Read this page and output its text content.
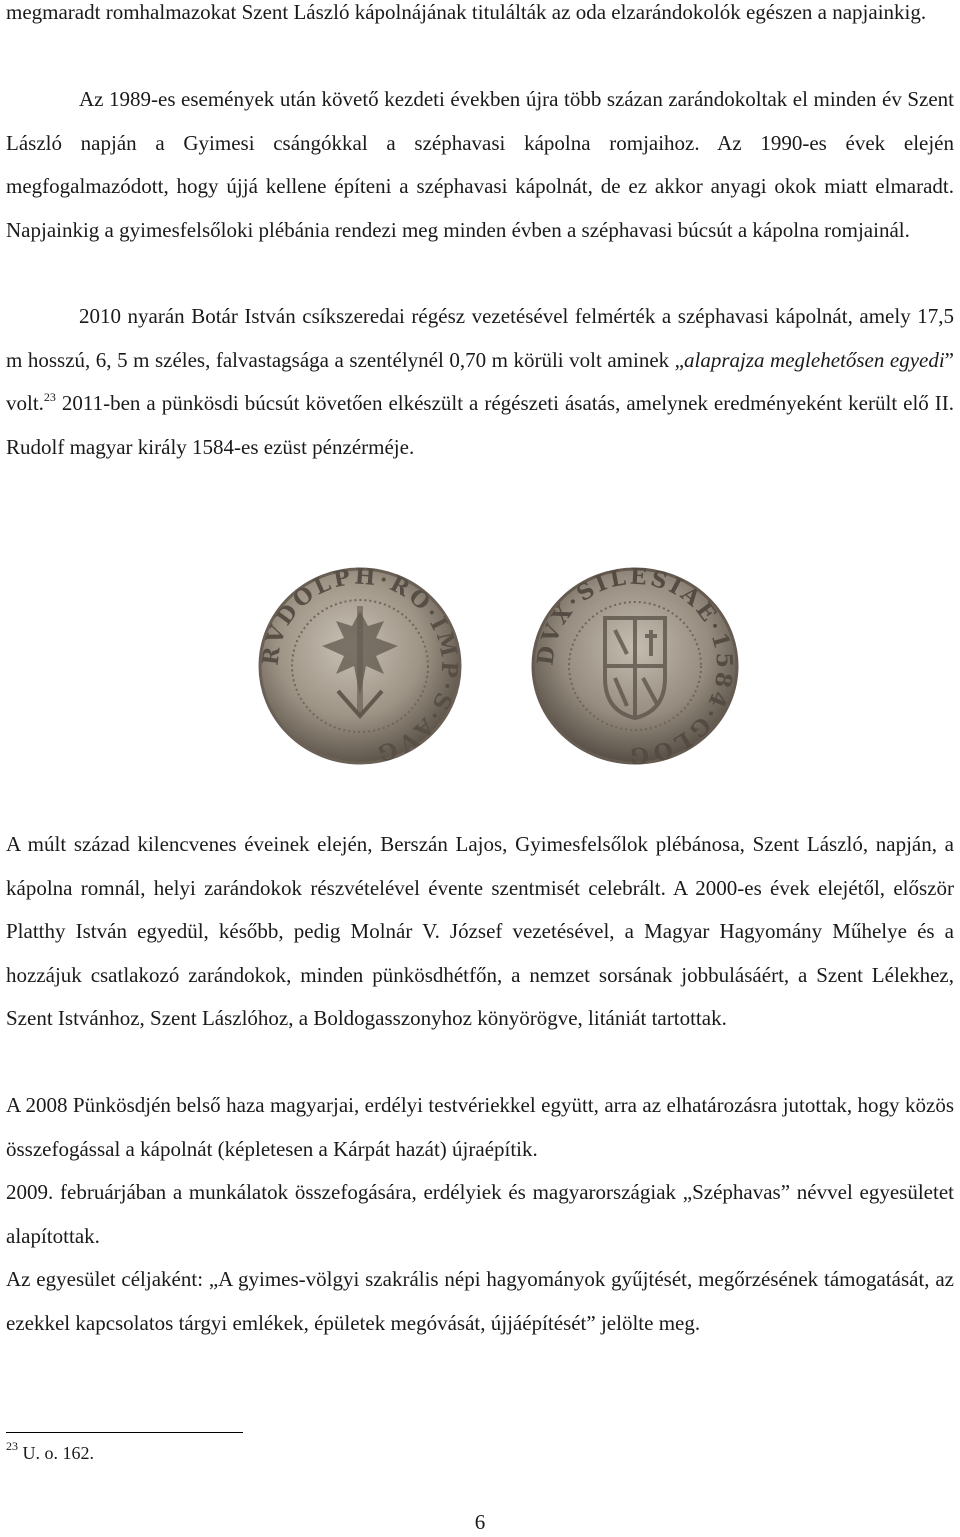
megmaradt romhalmazokat Szent László kápolnájának titulálták az oda elzarándokolók egészen a napjainkig.

Az 1989-es események után követő kezdeti években újra több százan zarándokoltak el minden év Szent László napján a Gyimesi csángókkal a széphavasi kápolna romjaihoz. Az 1990-es évek elején megfogalmazódott, hogy újjá kellene építeni a széphavasi kápolnát, de ez akkor anyagi okok miatt elmaradt. Napjainkig a gyimesfelsőloki plébánia rendezi meg minden évben a széphavasi búcsút a kápolna romjainál.

2010 nyarán Botár István csíkszeredai régész vezetésével felmérték a széphavasi kápolnát, amely 17,5 m hosszú, 6, 5 m széles, falvastagsága a szentélynél 0,70 m körüli volt aminek „alaprajza meglehetősen egyedi” volt.$^{23}$ 2011-ben a pünkösdi búcsút követően elkészült a régészeti ásatás, amelynek eredményeként került elő II. Rudolf magyar király 1584-es ezüst pénzérméje.

RVDOLPH·RO·IMP·S·AVG
DVX·SILESIAE·1584·GLOG

A múlt század kilencvenes éveinek elején, Berszán Lajos, Gyimesfelsőlok plébánosa, Szent László, napján, a kápolna romnál, helyi zarándokok részvételével évente szentmisét celebrált. A 2000-es évek elejétől, először Platthy István egyedül, később, pedig Molnár V. József vezetésével, a Magyar Hagyomány Műhelye és a hozzájuk csatlakozó zarándokok, minden pünkösdhétfőn, a nemzet sorsának jobbulásáért, a Szent Lélekhez, Szent Istvánhoz, Szent Lászlóhoz, a Boldogasszonyhoz könyörögve, litániát tartottak.

A 2008 Pünkösdjén belső haza magyarjai, erdélyi testvériekkel együtt, arra az elhatározásra jutottak, hogy közös összefogással a kápolnát (képletesen a Kárpát hazát) újraépítik.

2009. februárjában a munkálatok összefogására, erdélyiek és magyarországiak „Széphavas” névvel egyesületet alapítottak.

Az egyesület céljaként: „A gyimes-völgyi szakrális népi hagyományok gyűjtését, megőrzésének támogatását, az ezekkel kapcsolatos tárgyi emlékek, épületek megóvását, újjáépítését” jelölte meg.

$^{23}$ U. o. 162.
6
